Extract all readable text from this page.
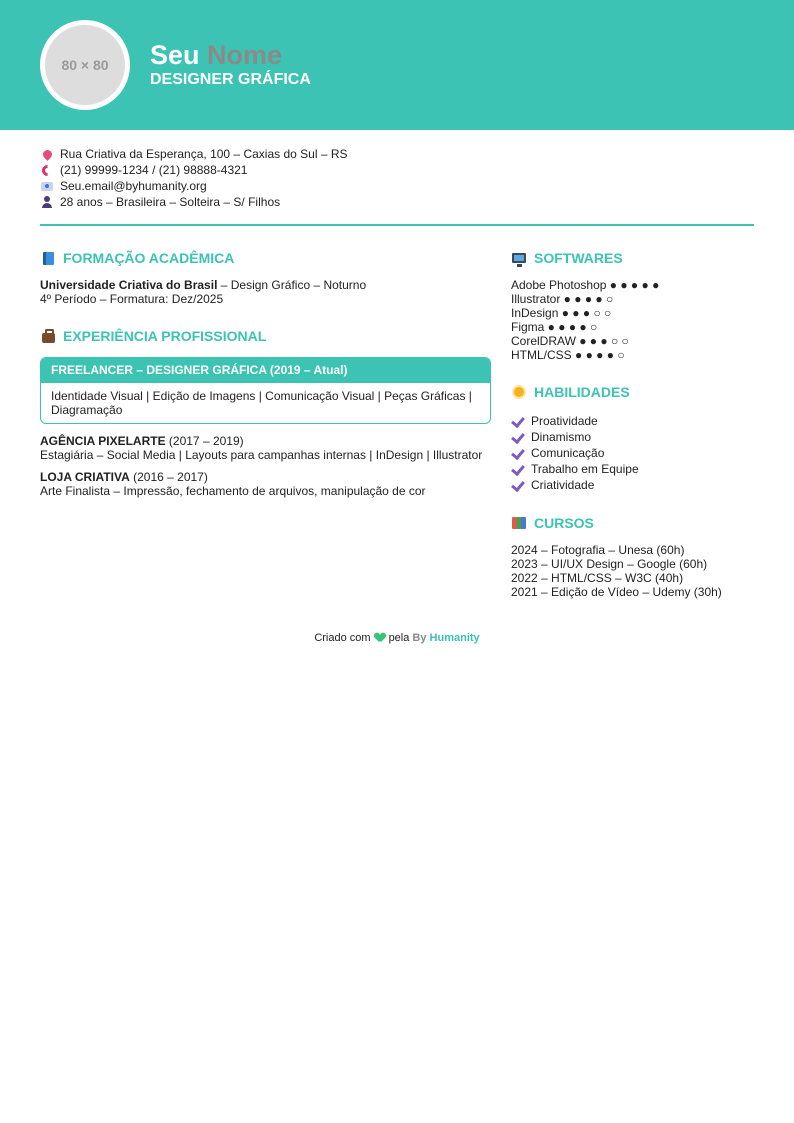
80 × 80 Seu Nome
DESIGNER GRÁFICA
Rua Criativa da Esperança, 100 – Caxias do Sul – RS
(21) 99999-1234 / (21) 98888-4321
Seu.email@byhumanity.org
28 anos – Brasileira – Solteira – S/ Filhos
FORMAÇÃO ACADÊMICA
Universidade Criativa do Brasil – Design Gráfico – Noturno
4º Período – Formatura: Dez/2025
EXPERIÊNCIA PROFISSIONAL
FREELANCER – DESIGNER GRÁFICA (2019 – Atual)
Identidade Visual | Edição de Imagens | Comunicação Visual | Peças Gráficas | Diagramação
AGÊNCIA PIXELARTE (2017 – 2019)
Estagiária – Social Media | Layouts para campanhas internas | InDesign | Illustrator
LOJA CRIATIVA (2016 – 2017)
Arte Finalista – Impressão, fechamento de arquivos, manipulação de cor
SOFTWARES
Adobe Photoshop ● ● ● ● ●
Illustrator ● ● ● ● ○
InDesign ● ● ● ○ ○
Figma ● ● ● ● ○
CorelDRAW ● ● ● ○ ○
HTML/CSS ● ● ● ● ○
HABILIDADES
Proatividade
Dinamismo
Comunicação
Trabalho em Equipe
Criatividade
CURSOS
2024 – Fotografia – Unesa (60h)
2023 – UI/UX Design – Google (60h)
2022 – HTML/CSS – W3C (40h)
2021 – Edição de Vídeo – Udemy (30h)
Criado com pela By Humanity
